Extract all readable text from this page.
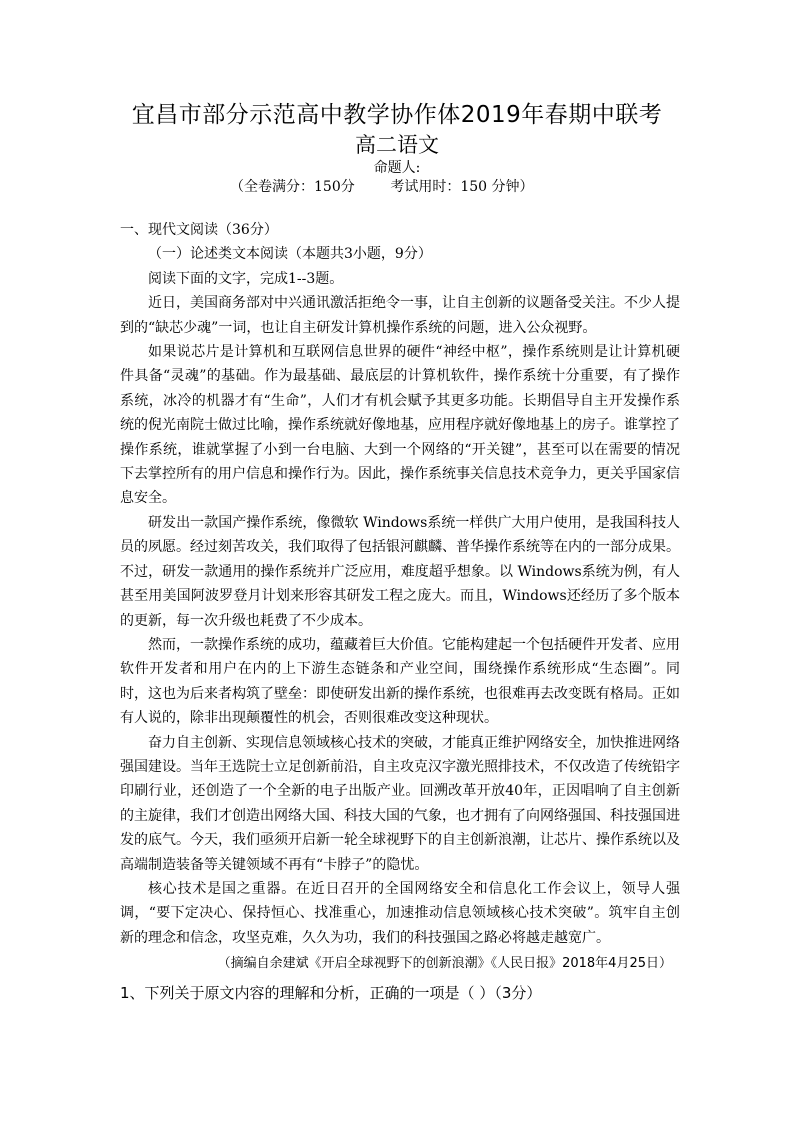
宜昌市部分示范高中教学协作体2019年春期中联考
高二语文
命题人:
（全卷满分：150分        考试用时：150 分钟）
一、现代文阅读（36分）
（一）论述类文本阅读（本题共3小题，9分）

阅读下面的文字，完成1--3题。

近日，美国商务部对中兴通讯激活拒绝令一事，让自主创新的议题备受关注。不少人提到的“缺芯少魂”一词，也让自主研发计算机操作系统的问题，进入公众视野。

如果说芯片是计算机和互联网信息世界的硬件“神经中枢”，操作系统则是让计算机硬件具备“灵魂”的基础。作为最基础、最底层的计算机软件，操作系统十分重要，有了操作系统，冰冷的机器才有“生命”，人们才有机会赋予其更多功能。长期倡导自主开发操作系统的倪光南院士做过比喻，操作系统就好像地基，应用程序就好像地基上的房子。谁掌控了操作系统，谁就掌握了小到一台电脑、大到一个网络的“开关键”，甚至可以在需要的情况下去掌控所有的用户信息和操作行为。因此，操作系统事关信息技术竞争力，更关乎国家信息安全。

研发出一款国产操作系统，像微软 Windows系统一样供广大用户使用，是我国科技人员的夙愿。经过刻苦攻关，我们取得了包括银河麒麟、普华操作系统等在内的一部分成果。不过，研发一款通用的操作系统并广泛应用，难度超乎想象。以 Windows系统为例，有人甚至用美国阿波罗登月计划来形容其研发工程之庞大。而且，Windows还经历了多个版本的更新，每一次升级也耗费了不少成本。

然而，一款操作系统的成功，蕴藏着巨大价值。它能构建起一个包括硬件开发者、应用软件开发者和用户在内的上下游生态链条和产业空间，围绕操作系统形成“生态圈”。同时，这也为后来者构筑了壁垒：即使研发出新的操作系统，也很难再去改变既有格局。正如有人说的，除非出现颠覆性的机会，否则很难改变这种现状。

奋力自主创新、实现信息领域核心技术的突破，才能真正维护网络安全，加快推进网络强国建设。当年王选院士立足创新前沿，自主攻克汉字激光照排技术，不仅改造了传统铅字印刷行业，还创造了一个全新的电子出版产业。回溯改革开放40年，正因唱响了自主创新的主旋律，我们才创造出网络大国、科技大国的气象，也才拥有了向网络强国、科技强国进发的底气。今天，我们亟须开启新一轮全球视野下的自主创新浪潮，让芯片、操作系统以及高端制造装备等关键领域不再有“卡脖子”的隐忧。

核心技术是国之重器。在近日召开的全国网络安全和信息化工作会议上，领导人强调，“要下定决心、保持恒心、找准重心，加速推动信息领域核心技术突破”。筑牢自主创新的理念和信念，攻坚克难，久久为功，我们的科技强国之路必将越走越宽广。

（摘编自余建斌《开启全球视野下的创新浪潮》《人民日报》2018年4月25日）

1、下列关于原文内容的理解和分析，正确的一项是（ ）（3分）
